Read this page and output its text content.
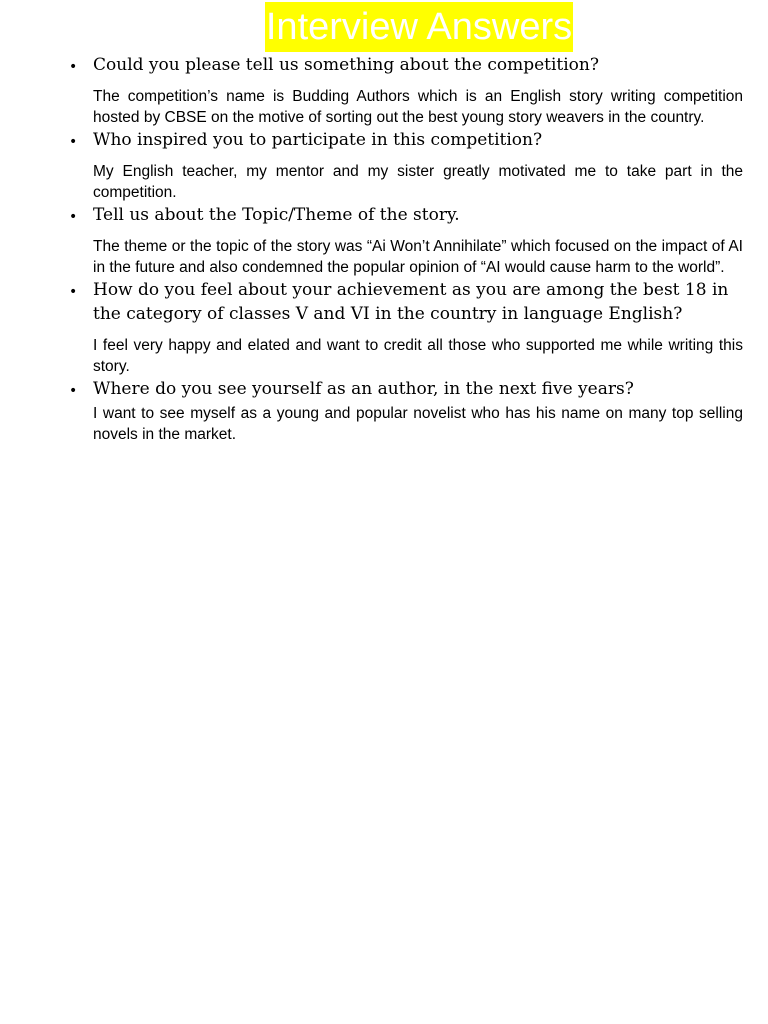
Interview Answers
• Could you please tell us something about the competition?

The competition’s name is Budding Authors which is an English story writing competition hosted by CBSE on the motive of sorting out the best young story weavers in the country.

• Who inspired you to participate in this competition?

My English teacher, my mentor and my sister greatly motivated me to take part in the competition.

• Tell us about the Topic/Theme of the story.

The theme or the topic of the story was “Ai Won’t Annihilate” which focused on the impact of AI in the future and also condemned the popular opinion of “AI would cause harm to the world”.

• How do you feel about your achievement as you are among the best 18 in the category of classes V and VI in the country in language English?

I feel very happy and elated and want to credit all those who supported me while writing this story.

• Where do you see yourself as an author, in the next five years?

I want to see myself as a young and popular novelist who has his name on many top selling novels in the market.
